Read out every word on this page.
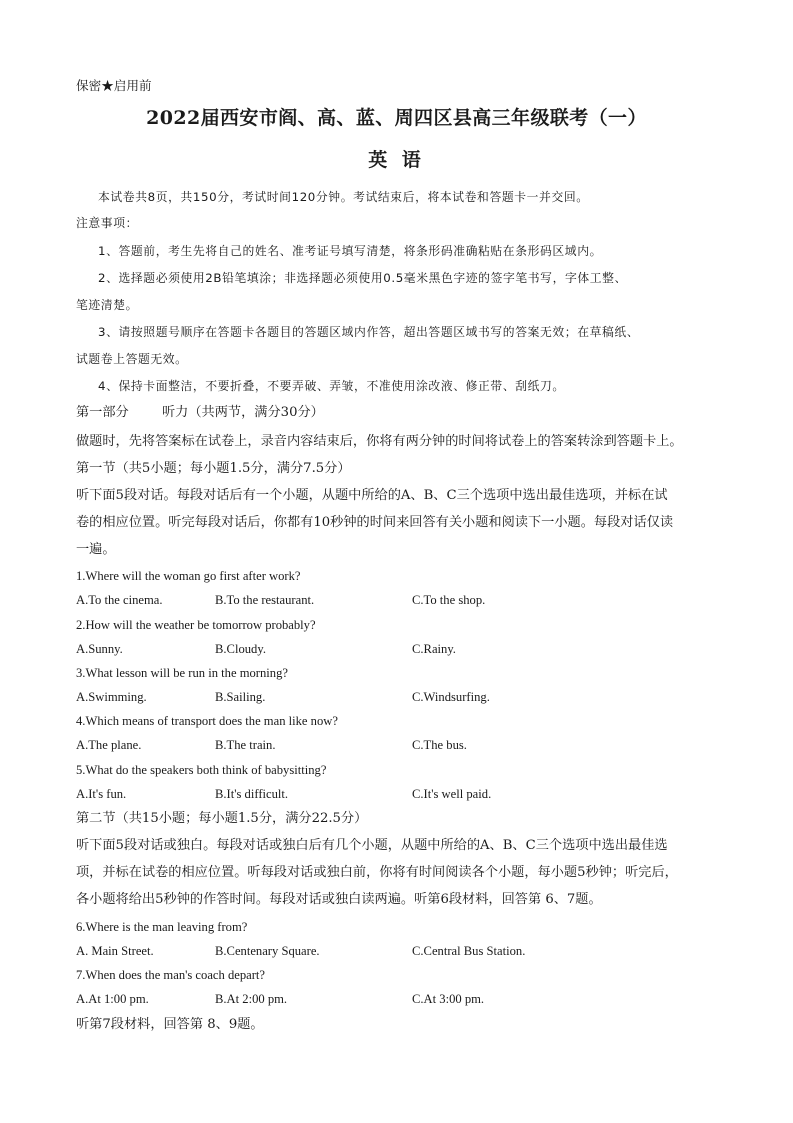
保密★启用前
2022届西安市阎、高、蓝、周四区县高三年级联考（一）
英 语
本试卷共8页，共150分，考试时间120分钟。考试结束后，将本试卷和答题卡一并交回。
注意事项：
1、答题前，考生先将自己的姓名、准考证号填写清楚，将条形码准确粘贴在条形码区域内。
2、选择题必须使用2B铅笔填涂；非选择题必须使用0.5毫米黑色字迹的签字笔书写，字体工整、
笔迹清楚。
3、请按照题号顺序在答题卡各题目的答题区域内作答，超出答题区域书写的答案无效；在草稿纸、
试题卷上答题无效。
4、保持卡面整洁，不要折叠，不要弄破、弄皱，不准使用涂改液、修正带、刮纸刀。
第一部分	听力（共两节，满分30分）
做题时，先将答案标在试卷上，录音内容结束后，你将有两分钟的时间将试卷上的答案转涂到答题卡上。
第一节（共5小题；每小题1.5分，满分7.5分）
听下面5段对话。每段对话后有一个小题，从题中所给的A、B、C三个选项中选出最佳选项，并标在试
卷的相应位置。听完每段对话后，你都有10秒钟的时间来回答有关小题和阅读下一小题。每段对话仅读
一遍。
1.Where will the woman go first after work?
A.To the cinema.	B.To the restaurant.	C.To the shop.
2.How will the weather be tomorrow probably?
A.Sunny.	B.Cloudy.	C.Rainy.
3.What lesson will be run in the morning?
A.Swimming.	B.Sailing.	C.Windsurfing.
4.Which means of transport does the man like now?
A.The plane.	B.The train.	C.The bus.
5.What do the speakers both think of babysitting?
A.It's fun.	B.It's difficult.	C.It's well paid.
第二节（共15小题；每小题1.5分，满分22.5分）
听下面5段对话或独白。每段对话或独白后有几个小题，从题中所给的A、B、C三个选项中选出最佳选
项，并标在试卷的相应位置。听每段对话或独白前，你将有时间阅读各个小题，每小题5秒钟；听完后，
各小题将给出5秒钟的作答时间。每段对话或独白读两遍。听第6段材料，回答第 6、7题。
6.Where is the man leaving from?
A. Main Street.	B.Centenary Square.	C.Central Bus Station.
7.When does the man's coach depart?
A.At 1:00 pm.	B.At 2:00 pm.	C.At 3:00 pm.
听第7段材料，回答第 8、9题。
